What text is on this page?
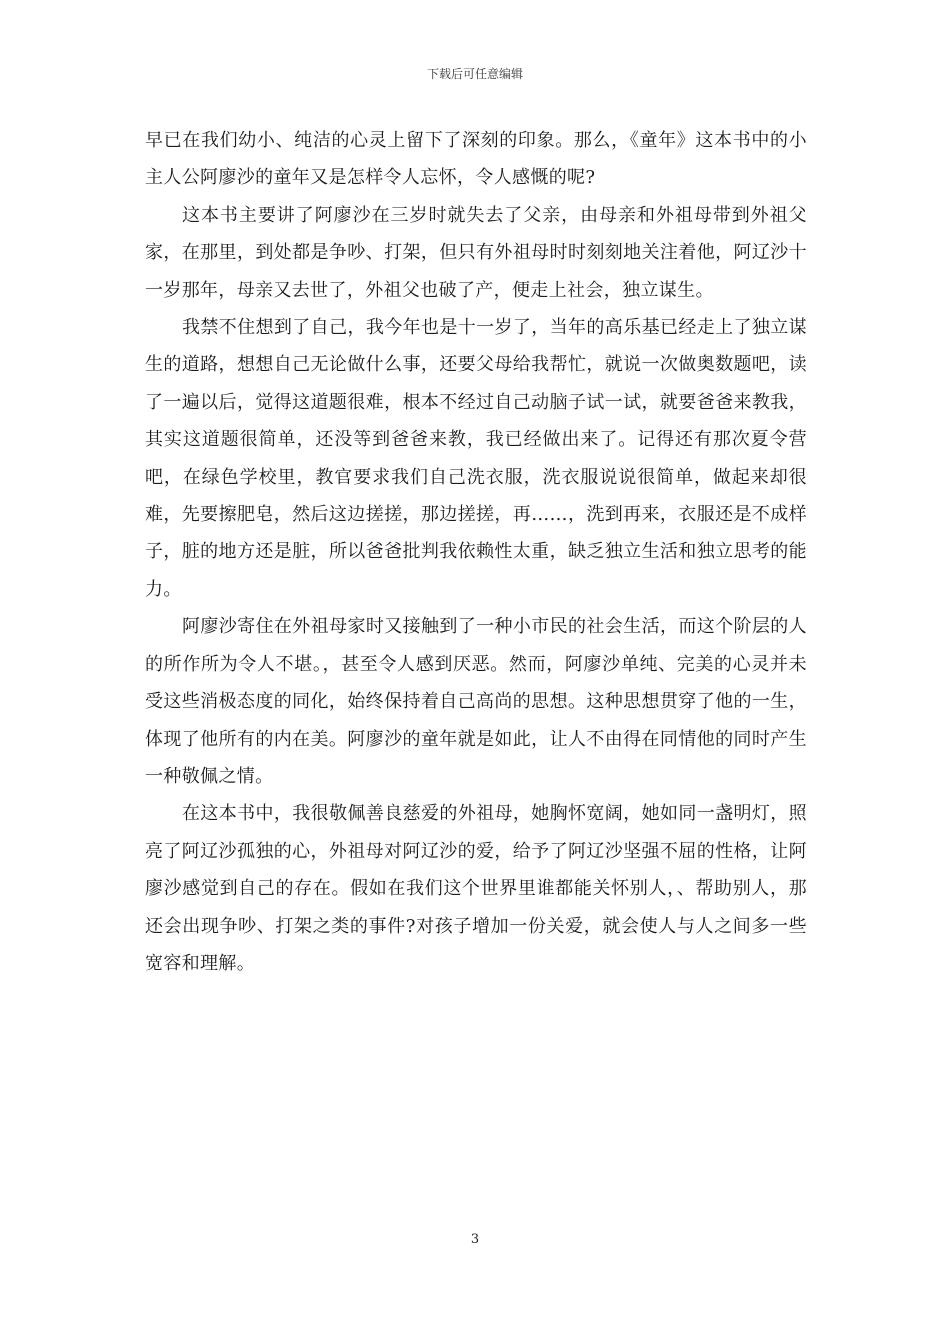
下载后可任意编辑

早已在我们幼小、纯洁的心灵上留下了深刻的印象。那么，《童年》这本书中的小主人公阿廖沙的童年又是怎样令人忘怀，令人感慨的呢?

这本书主要讲了阿廖沙在三岁时就失去了父亲，由母亲和外祖母带到外祖父家，在那里，到处都是争吵、打架，但只有外祖母时时刻刻地关注着他，阿辽沙十一岁那年，母亲又去世了，外祖父也破了产，便走上社会，独立谋生。

我禁不住想到了自己，我今年也是十一岁了，当年的高乐基已经走上了独立谋生的道路，想想自己无论做什么事，还要父母给我帮忙，就说一次做奥数题吧，读了一遍以后，觉得这道题很难，根本不经过自己动脑子试一试，就要爸爸来教我，其实这道题很简单，还没等到爸爸来教，我已经做出来了。记得还有那次夏令营吧，在绿色学校里，教官要求我们自己洗衣服，洗衣服说说很简单，做起来却很难，先要擦肥皂，然后这边搓搓，那边搓搓，再……，洗到再来，衣服还是不成样子，脏的地方还是脏，所以爸爸批判我依赖性太重，缺乏独立生活和独立思考的能力。

阿廖沙寄住在外祖母家时又接触到了一种小市民的社会生活，而这个阶层的人的所作所为令人不堪。，甚至令人感到厌恶。然而，阿廖沙单纯、完美的心灵并未受这些消极态度的同化，始终保持着自己高尚的思想。这种思想贯穿了他的一生，体现了他所有的内在美。阿廖沙的童年就是如此，让人不由得在同情他的同时产生一种敬佩之情。

在这本书中，我很敬佩善良慈爱的外祖母，她胸怀宽阔，她如同一盏明灯，照亮了阿辽沙孤独的心，外祖母对阿辽沙的爱，给予了阿辽沙坚强不屈的性格，让阿廖沙感觉到自己的存在。假如在我们这个世界里谁都能关怀别人，、帮助别人，那还会出现争吵、打架之类的事件?对孩子增加一份关爱，就会使人与人之间多一些宽容和理解。

3
